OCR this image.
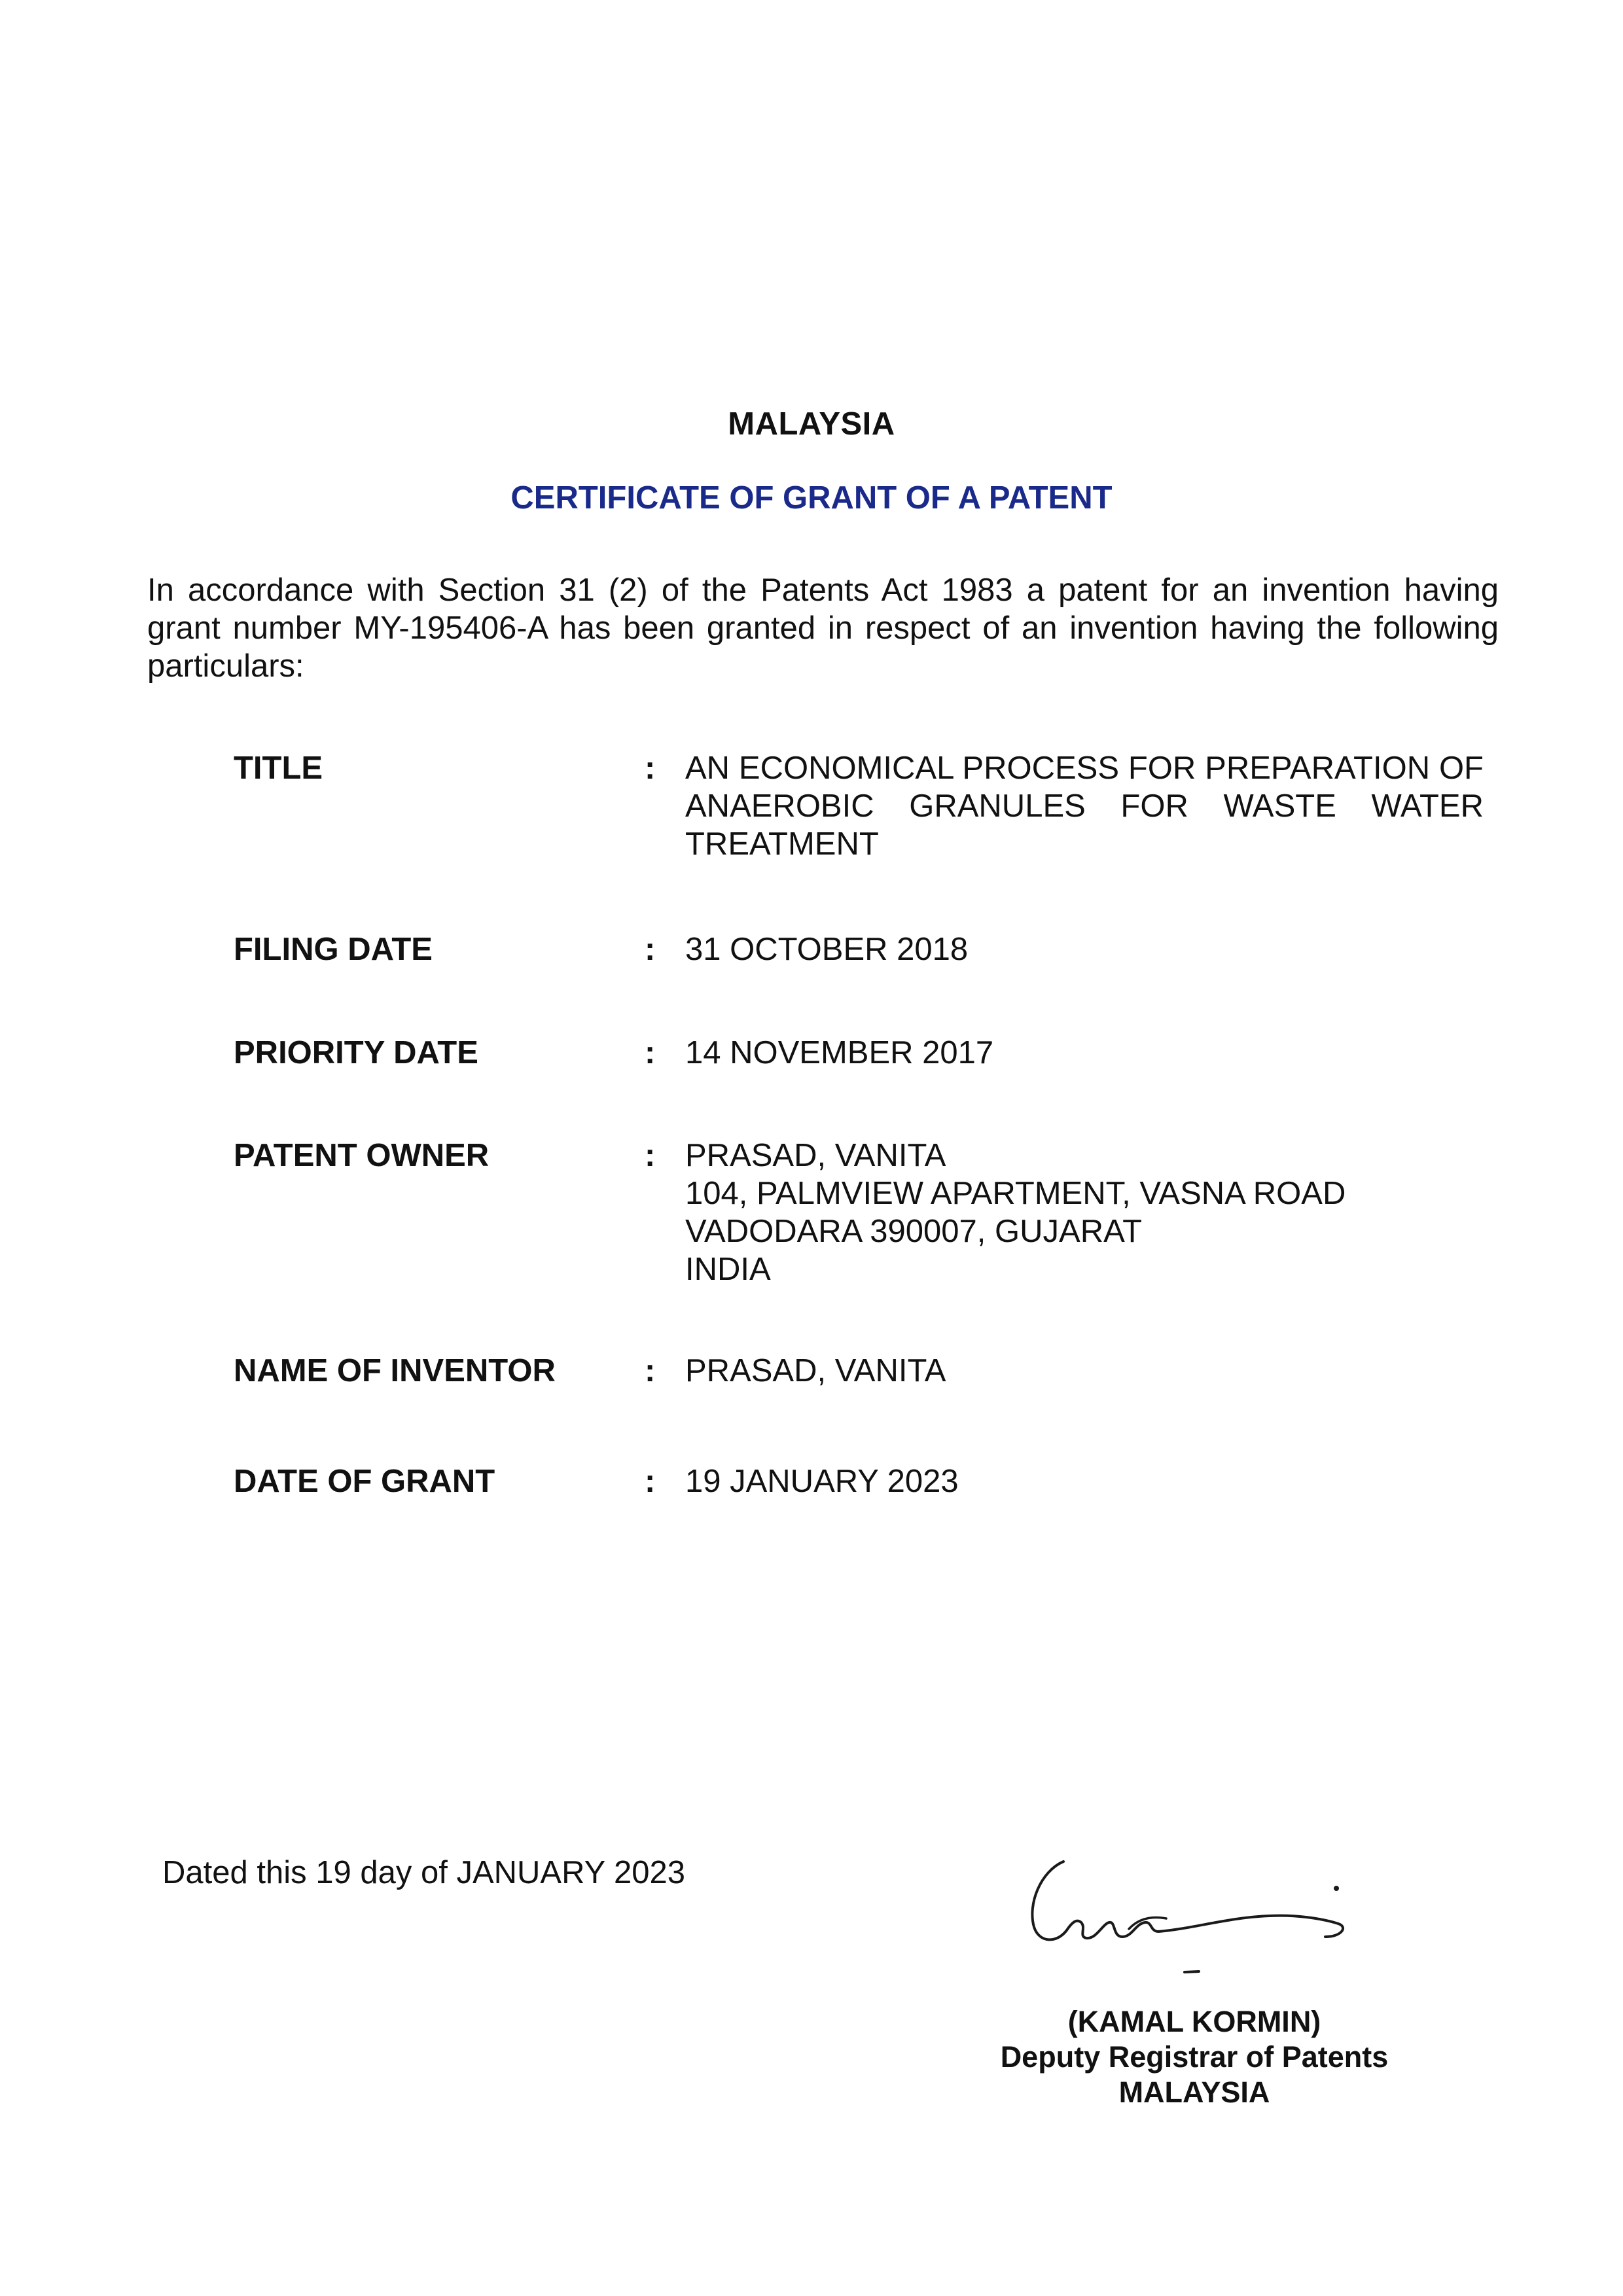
MALAYSIA
CERTIFICATE OF GRANT OF A PATENT
In accordance with Section 31 (2) of the Patents Act 1983 a patent for an invention having grant number MY-195406-A has been granted in respect of an invention having the following particulars:
TITLE	: AN ECONOMICAL PROCESS FOR PREPARATION OF ANAEROBIC GRANULES FOR WASTE WATER TREATMENT
FILING DATE	: 31 OCTOBER 2018
PRIORITY DATE	: 14 NOVEMBER 2017
PATENT OWNER	: PRASAD, VANITA
104, PALMVIEW APARTMENT, VASNA ROAD
VADODARA 390007, GUJARAT
INDIA
NAME OF INVENTOR	: PRASAD, VANITA
DATE OF GRANT	: 19 JANUARY 2023
Dated this 19 day of JANUARY 2023
(KAMAL KORMIN)
Deputy Registrar of Patents
MALAYSIA
